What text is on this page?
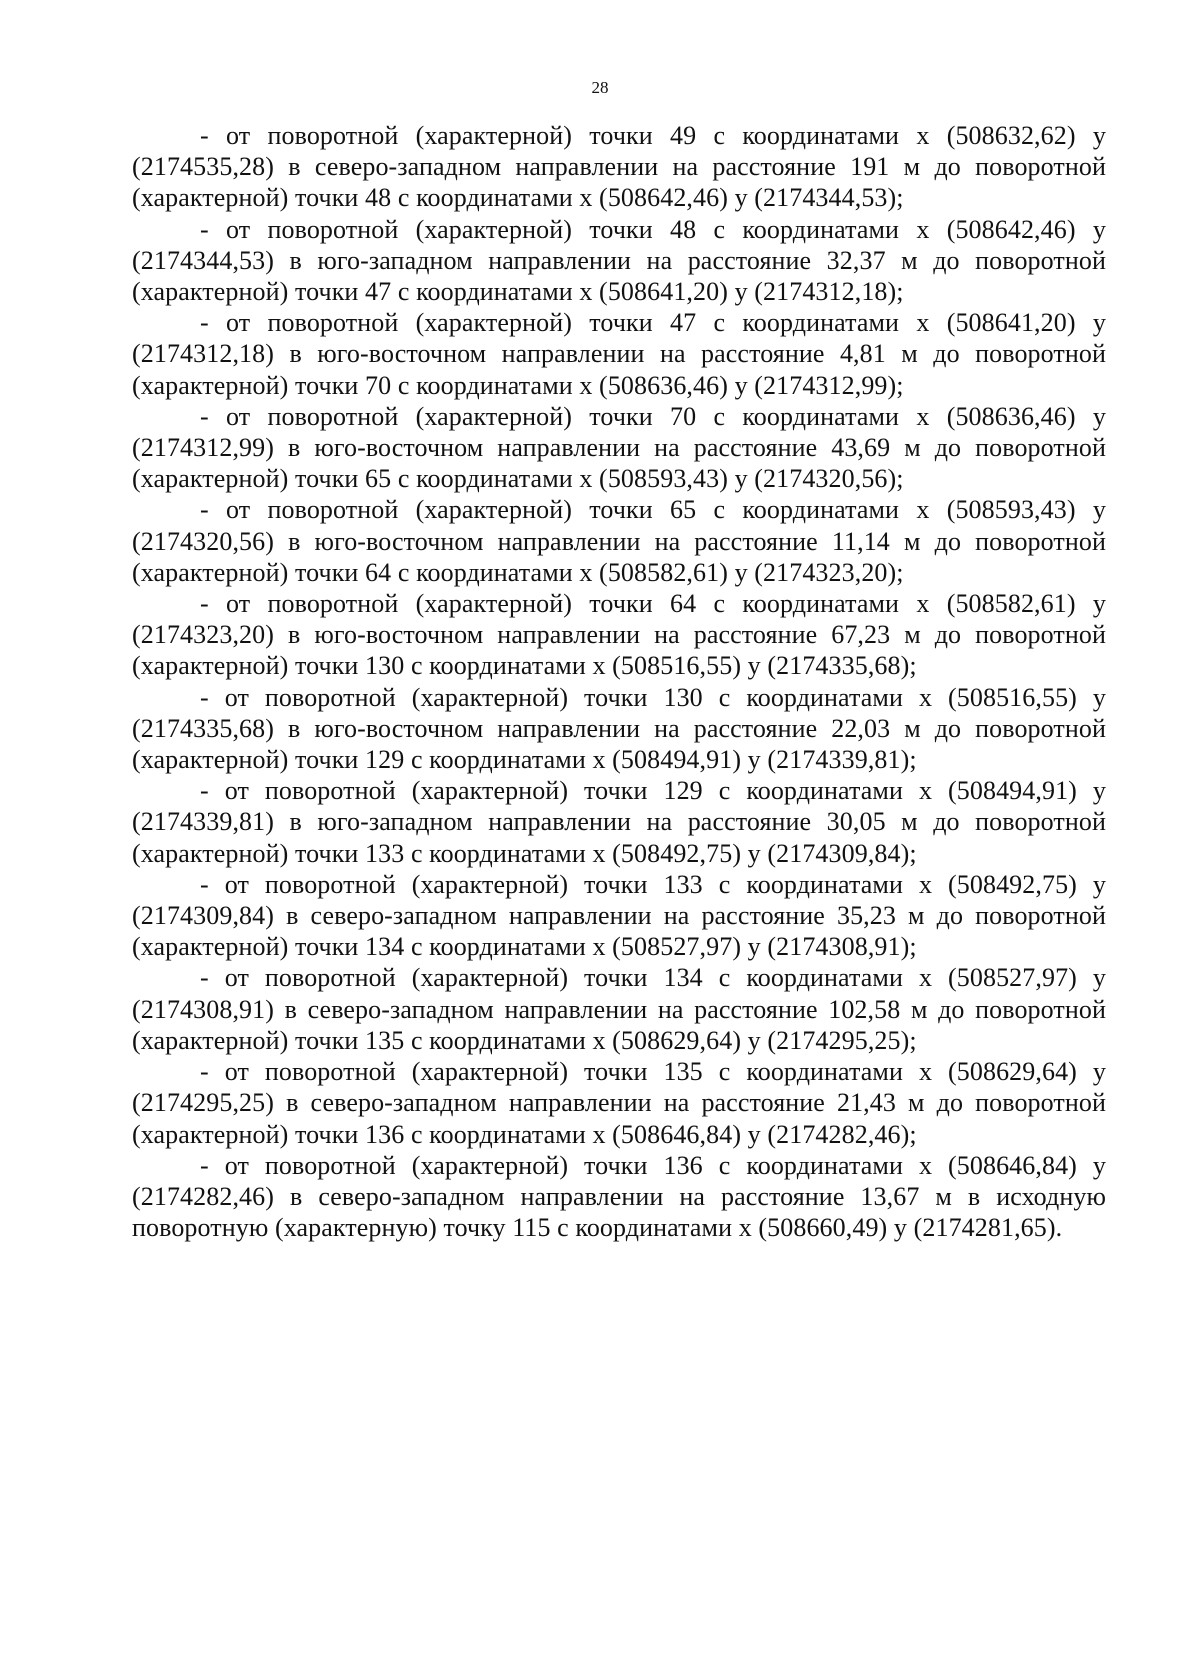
28

- от поворотной (характерной) точки 49 с координатами x (508632,62) y (2174535,28) в северо-западном направлении на расстояние 191 м до поворотной (характерной) точки 48 с координатами x (508642,46) y (2174344,53);

- от поворотной (характерной) точки 48 с координатами x (508642,46) y (2174344,53) в юго-западном направлении на расстояние 32,37 м до поворотной (характерной) точки 47 с координатами x (508641,20) y (2174312,18);

- от поворотной (характерной) точки 47 с координатами x (508641,20) y (2174312,18) в юго-восточном направлении на расстояние 4,81 м до поворотной (характерной) точки 70 с координатами x (508636,46) y (2174312,99);

- от поворотной (характерной) точки 70 с координатами x (508636,46) y (2174312,99) в юго-восточном направлении на расстояние 43,69 м до поворотной (характерной) точки 65 с координатами x (508593,43) y (2174320,56);

- от поворотной (характерной) точки 65 с координатами x (508593,43) y (2174320,56) в юго-восточном направлении на расстояние 11,14 м до поворотной (характерной) точки 64 с координатами x (508582,61) y (2174323,20);

- от поворотной (характерной) точки 64 с координатами x (508582,61) y (2174323,20) в юго-восточном направлении на расстояние 67,23 м до поворотной (характерной) точки 130 с координатами x (508516,55) y (2174335,68);

- от поворотной (характерной) точки 130 с координатами x (508516,55) y (2174335,68) в юго-восточном направлении на расстояние 22,03 м до поворотной (характерной) точки 129 с координатами x (508494,91) y (2174339,81);

- от поворотной (характерной) точки 129 с координатами x (508494,91) y (2174339,81) в юго-западном направлении на расстояние 30,05 м до поворотной (характерной) точки 133 с координатами x (508492,75) y (2174309,84);

- от поворотной (характерной) точки 133 с координатами x (508492,75) y (2174309,84) в северо-западном направлении на расстояние 35,23 м до поворотной (характерной) точки 134 с координатами x (508527,97) y (2174308,91);

- от поворотной (характерной) точки 134 с координатами x (508527,97) y (2174308,91) в северо-западном направлении на расстояние 102,58 м до поворотной (характерной) точки 135 с координатами x (508629,64) y (2174295,25);

- от поворотной (характерной) точки 135 с координатами x (508629,64) y (2174295,25) в северо-западном направлении на расстояние 21,43 м до поворотной (характерной) точки 136 с координатами x (508646,84) y (2174282,46);

- от поворотной (характерной) точки 136 с координатами x (508646,84) y (2174282,46) в северо-западном направлении на расстояние 13,67 м в исходную поворотную (характерную) точку 115 с координатами x (508660,49) y (2174281,65).
